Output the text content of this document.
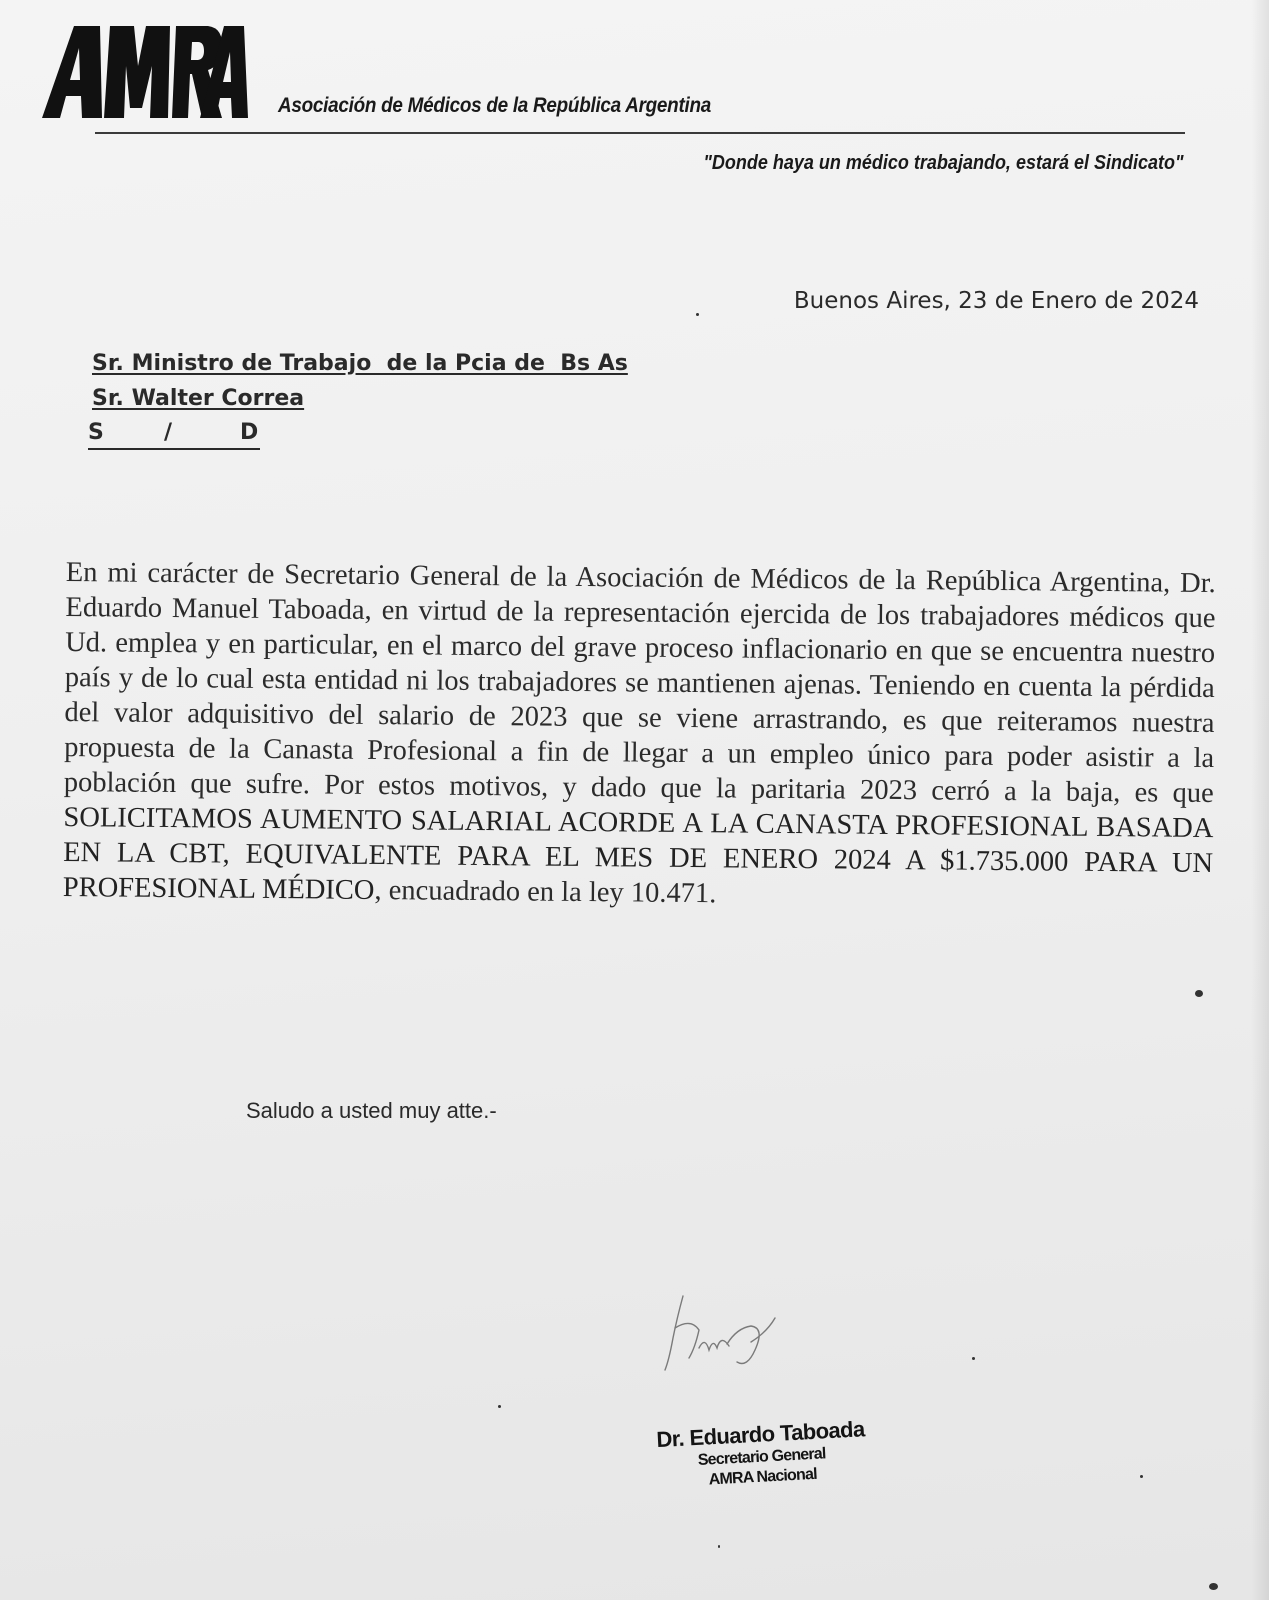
Asociación de Médicos de la República Argentina
"Donde haya un médico trabajando, estará el Sindicato"
Buenos Aires, 23 de Enero de 2024
Sr. Ministro de Trabajo  de la Pcia de  Bs As
Sr. Walter Correa
S	/	D
En mi carácter de Secretario General de la Asociación de Médicos de la República Argentina, Dr. Eduardo Manuel Taboada, en virtud de la representación ejercida de los trabajadores médicos que Ud. emplea y en particular, en el marco del grave proceso inflacionario en que se encuentra nuestro país y de lo cual esta entidad ni los trabajadores se mantienen ajenas. Teniendo en cuenta la pérdida del valor adquisitivo del salario de 2023 que se viene arrastrando, es que reiteramos nuestra propuesta de la Canasta Profesional a fin de llegar a un empleo único para poder asistir a la población que sufre. Por estos motivos, y dado que la paritaria 2023 cerró a la baja, es que SOLICITAMOS AUMENTO SALARIAL ACORDE A LA CANASTA PROFESIONAL BASADA EN LA CBT, EQUIVALENTE PARA EL MES DE ENERO 2024 A $1.735.000 PARA UN PROFESIONAL MÉDICO, encuadrado en la ley 10.471.
Saludo a usted muy atte.-
Dr. Eduardo Taboada
Secretario General
AMRA Nacional
